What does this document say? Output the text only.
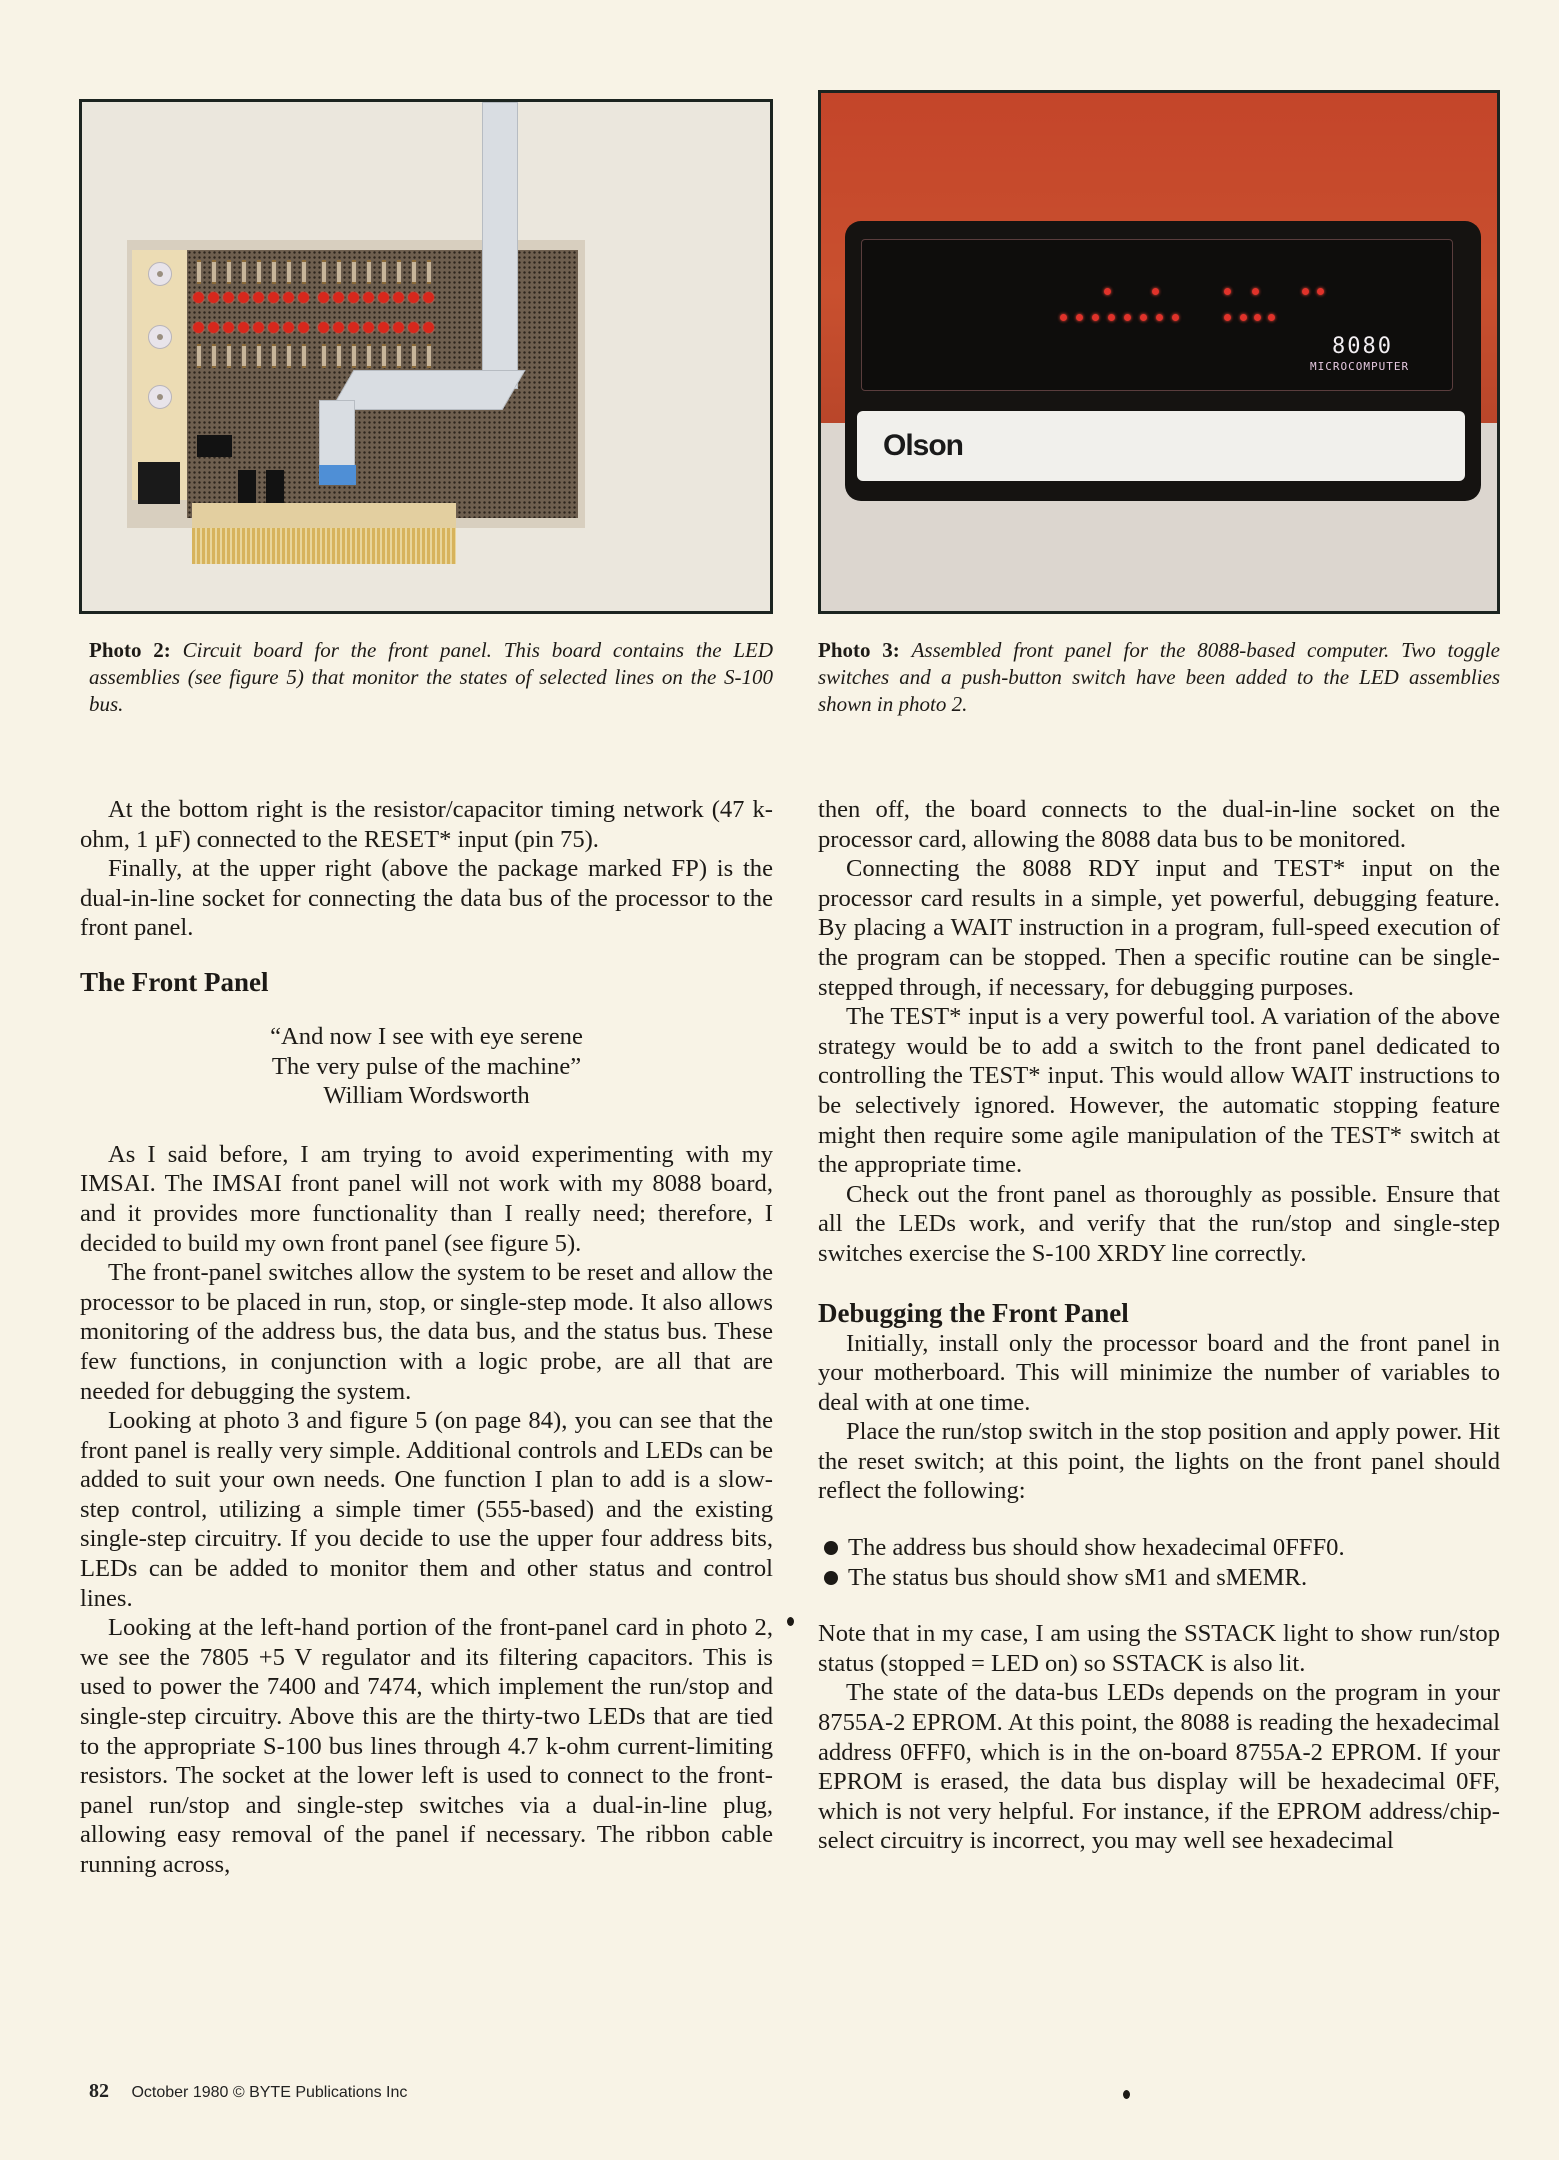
8080
MICROCOMPUTER
Olson
Photo 2: Circuit board for the front panel. This board contains the LED assemblies (see figure 5) that monitor the states of selected lines on the S-100 bus.
Photo 3: Assembled front panel for the 8088-based computer. Two toggle switches and a push-button switch have been added to the LED assemblies shown in photo 2.

At the bottom right is the resistor/capacitor timing network (47 k-ohm, 1 µF) connected to the RESET* input (pin 75).

Finally, at the upper right (above the package marked FP) is the dual-in-line socket for connecting the data bus of the processor to the front panel.

The Front Panel
“And now I see with eye serene
The very pulse of the machine”
William Wordsworth

As I said before, I am trying to avoid experimenting with my IMSAI. The IMSAI front panel will not work with my 8088 board, and it provides more functionality than I really need; therefore, I decided to build my own front panel (see figure 5).

The front-panel switches allow the system to be reset and allow the processor to be placed in run, stop, or single-step mode. It also allows monitoring of the address bus, the data bus, and the status bus. These few functions, in conjunction with a logic probe, are all that are needed for debugging the system.

Looking at photo 3 and figure 5 (on page 84), you can see that the front panel is really very simple. Additional controls and LEDs can be added to suit your own needs. One function I plan to add is a slow-step control, utilizing a simple timer (555-based) and the existing single-step circuitry. If you decide to use the upper four address bits, LEDs can be added to monitor them and other status and control lines.

Looking at the left-hand portion of the front-panel card in photo 2, we see the 7805 +5 V regulator and its filtering capacitors. This is used to power the 7400 and 7474, which implement the run/stop and single-step circuitry. Above this are the thirty-two LEDs that are tied to the appropriate S-100 bus lines through 4.7 k-ohm current-limiting resistors. The socket at the lower left is used to connect to the front-panel run/stop and single-step switches via a dual-in-line plug, allowing easy removal of the panel if necessary. The ribbon cable running across,

then off, the board connects to the dual-in-line socket on the processor card, allowing the 8088 data bus to be monitored.

Connecting the 8088 RDY input and TEST* input on the processor card results in a simple, yet powerful, debugging feature. By placing a WAIT instruction in a program, full-speed execution of the program can be stopped. Then a specific routine can be single-stepped through, if necessary, for debugging purposes.

The TEST* input is a very powerful tool. A variation of the above strategy would be to add a switch to the front panel dedicated to controlling the TEST* input. This would allow WAIT instructions to be selectively ignored. However, the automatic stopping feature might then require some agile manipulation of the TEST* switch at the appropriate time.

Check out the front panel as thoroughly as possible. Ensure that all the LEDs work, and verify that the run/stop and single-step switches exercise the S-100 XRDY line correctly.

Debugging the Front Panel

Initially, install only the processor board and the front panel in your motherboard. This will minimize the number of variables to deal with at one time.

Place the run/stop switch in the stop position and apply power. Hit the reset switch; at this point, the lights on the front panel should reflect the following:

The address bus should show hexadecimal 0FFF0.
The status bus should show sM1 and sMEMR.

Note that in my case, I am using the SSTACK light to show run/stop status (stopped = LED on) so SSTACK is also lit.

The state of the data-bus LEDs depends on the program in your 8755A-2 EPROM. At this point, the 8088 is reading the hexadecimal address 0FFF0, which is in the on-board 8755A-2 EPROM. If your EPROM is erased, the data bus display will be hexadecimal 0FF, which is not very helpful. For instance, if the EPROM address/chip-select circuitry is incorrect, you may well see hexadecimal

82 October 1980 © BYTE Publications Inc
